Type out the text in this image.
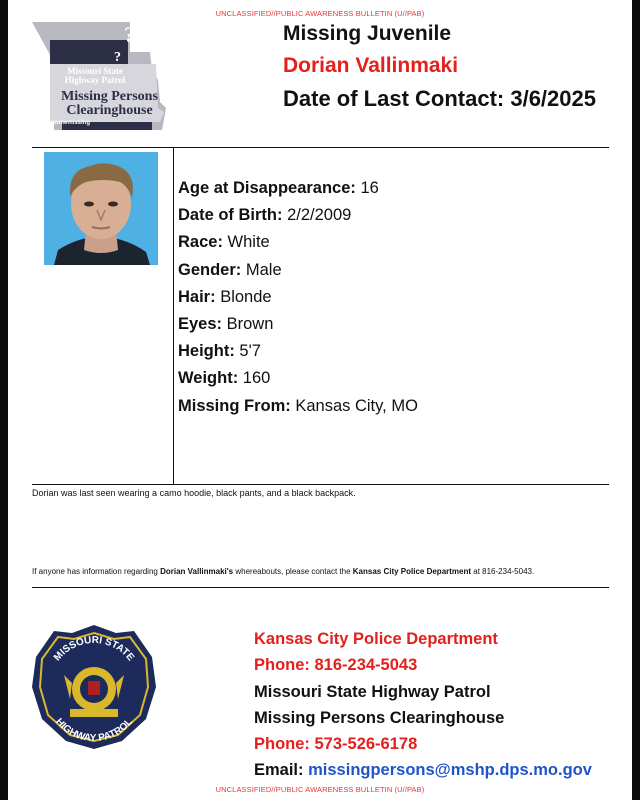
UNCLASSIFIED//PUBLIC AWARENESS BULLETIN (U//PAB)
?
?
Missouri State Highway Patrol
Missing Persons Clearinghouse
#showmemissing
Missing Juvenile
Dorian Vallinmaki
Date of Last Contact: 3/6/2025
Age at Disappearance: 16
Date of Birth: 2/2/2009
Race: White
Gender: Male
Hair: Blonde
Eyes: Brown
Height: 5'7
Weight: 160
Missing From: Kansas City, MO
Dorian was last seen wearing a camo hoodie, black pants, and a black backpack.
If anyone has information regarding Dorian Vallinmaki's whereabouts, please contact the Kansas City Police Department at 816-234-5043.
MISSOURI STATE
HIGHWAY PATROL
Kansas City Police Department
Phone: 816-234-5043
Missouri State Highway Patrol
Missing Persons Clearinghouse
Phone: 573-526-6178
Email: missingpersons@mshp.dps.mo.gov
UNCLASSIFIED//PUBLIC AWARENESS BULLETIN (U//PAB)
